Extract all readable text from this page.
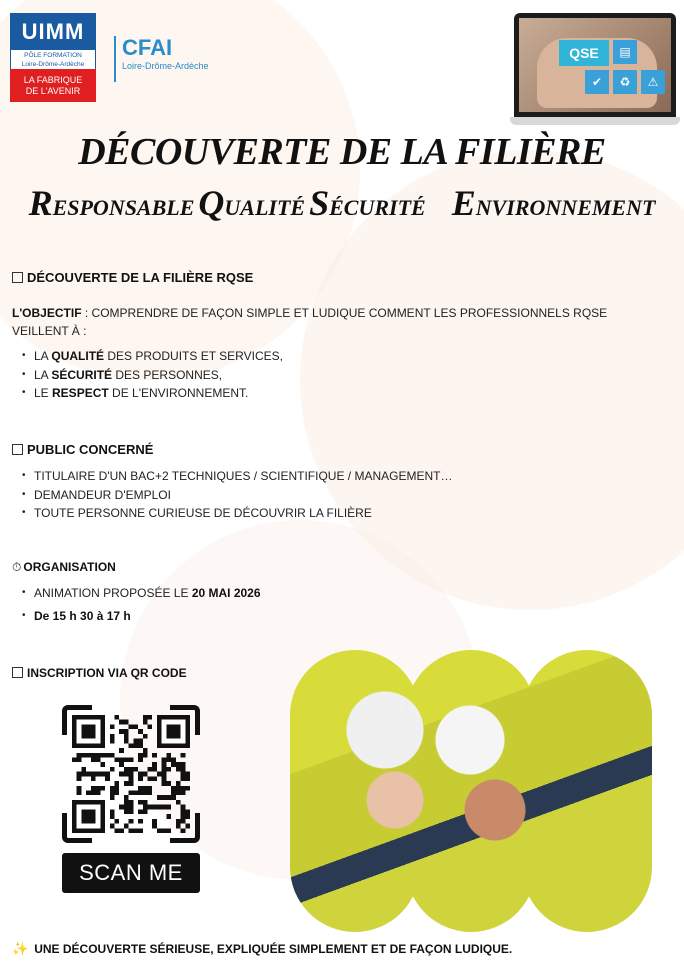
UIMM
PÔLE FORMATION
Loire-Drôme-Ardèche
LA FABRIQUE
DE L'AVENIR
CFAI
Loire-Drôme-Ardèche
QSE	▤
✔	♻	⚠
DÉCOUVERTE DE LA FILIÈRE
RESPONSABLE QUALITÉ SÉCURITÉ ENVIRONNEMENT
DÉCOUVERTE DE LA FILIÈRE RQSE
L'OBJECTIF : COMPRENDRE DE FAÇON SIMPLE ET LUDIQUE COMMENT LES PROFESSIONNELS RQSE VEILLENT À :
• LA QUALITÉ DES PRODUITS ET SERVICES,
• LA SÉCURITÉ DES PERSONNES,
• LE RESPECT DE L'ENVIRONNEMENT.
PUBLIC CONCERNÉ
• TITULAIRE D'UN BAC+2 TECHNIQUES / SCIENTIFIQUE / MANAGEMENT…
• DEMANDEUR D'EMPLOI
• TOUTE PERSONNE CURIEUSE DE DÉCOUVRIR LA FILIÈRE
⏱ ORGANISATION
• ANIMATION PROPOSÉE LE 20 MAI 2026
• De 15 h 30 à 17 h
INSCRIPTION VIA QR CODE
SCAN ME
✨ UNE DÉCOUVERTE SÉRIEUSE, EXPLIQUÉE SIMPLEMENT ET DE FAÇON LUDIQUE.
